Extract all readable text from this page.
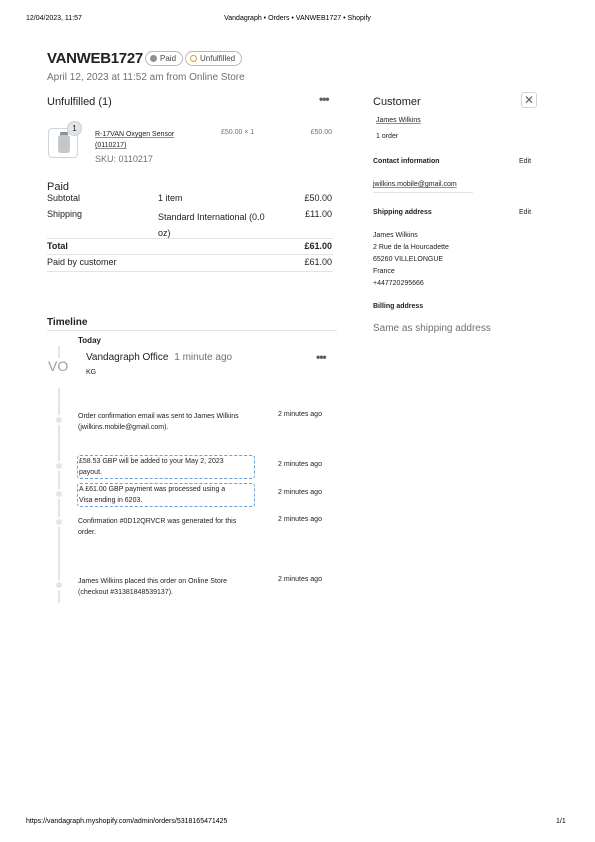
12/04/2023, 11:57	Vandagraph • Orders • VANWEB1727 • Shopify
VANWEB1727 Paid	Unfulfilled
April 12, 2023 at 11:52 am from Online Store
Unfulfilled (1)	•••
1
R-17VAN Oxygen Sensor
(0110217)
SKU: 0110217
£50.00 × 1	£50.00
Paid
Subtotal	1 item	£50.00
Shipping	Standard International (0.0
oz)
£11.00
Total	£61.00
Paid by customer	£61.00
Timeline
Today
VO
Vandagraph Office 1 minute ago
KG
•••
Order confirmation email was sent to James Wilkins
(jwilkins.mobile@gmail.com).
2 minutes ago
£58.53 GBP will be added to your May 2, 2023
payout.
2 minutes ago
A £61.00 GBP payment was processed using a
Visa ending in 6203.
2 minutes ago
Confirmation #0D12QRVCR was generated for this
order.
2 minutes ago
James Wilkins placed this order on Online Store
(checkout #31381848539137).
2 minutes ago
Customer	✕
James Wilkins
1 order
Contact information	Edit
jwilkins.mobile@gmail.com
Shipping address	Edit
James Wilkins
2 Rue de la Hourcadette
65260 VILLELONGUE
France
+447720295666
Billing address
Same as shipping address
https://vandagraph.myshopify.com/admin/orders/5318165471425	1/1
